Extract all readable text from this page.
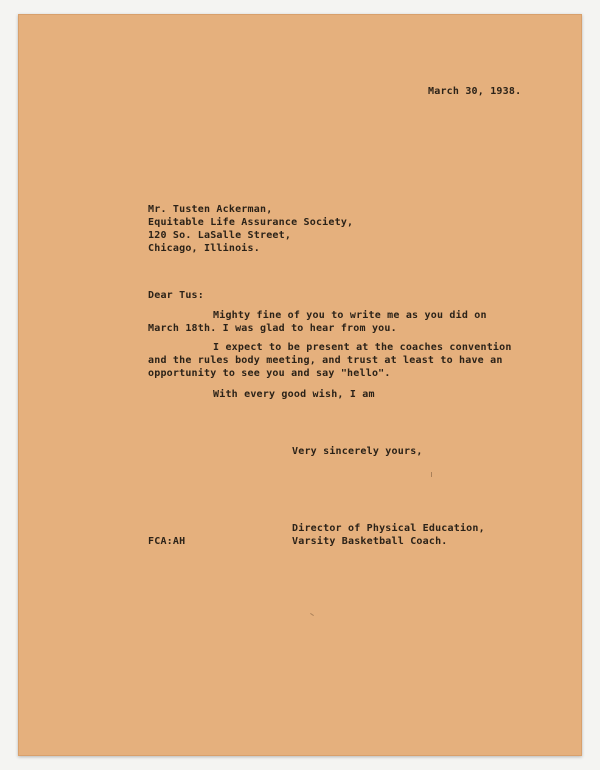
March 30, 1938.
Mr. Tusten Ackerman,
Equitable Life Assurance Society,
120 So. LaSalle Street,
Chicago, Illinois.
Dear Tus:
Mighty fine of you to write me as you did on
March 18th. I was glad to hear from you.
I expect to be present at the coaches convention
and the rules body meeting, and trust at least to have an
opportunity to see you and say "hello".
With every good wish, I am
Very sincerely yours,
Director of Physical Education,
Varsity Basketball Coach.
FCA:AH
